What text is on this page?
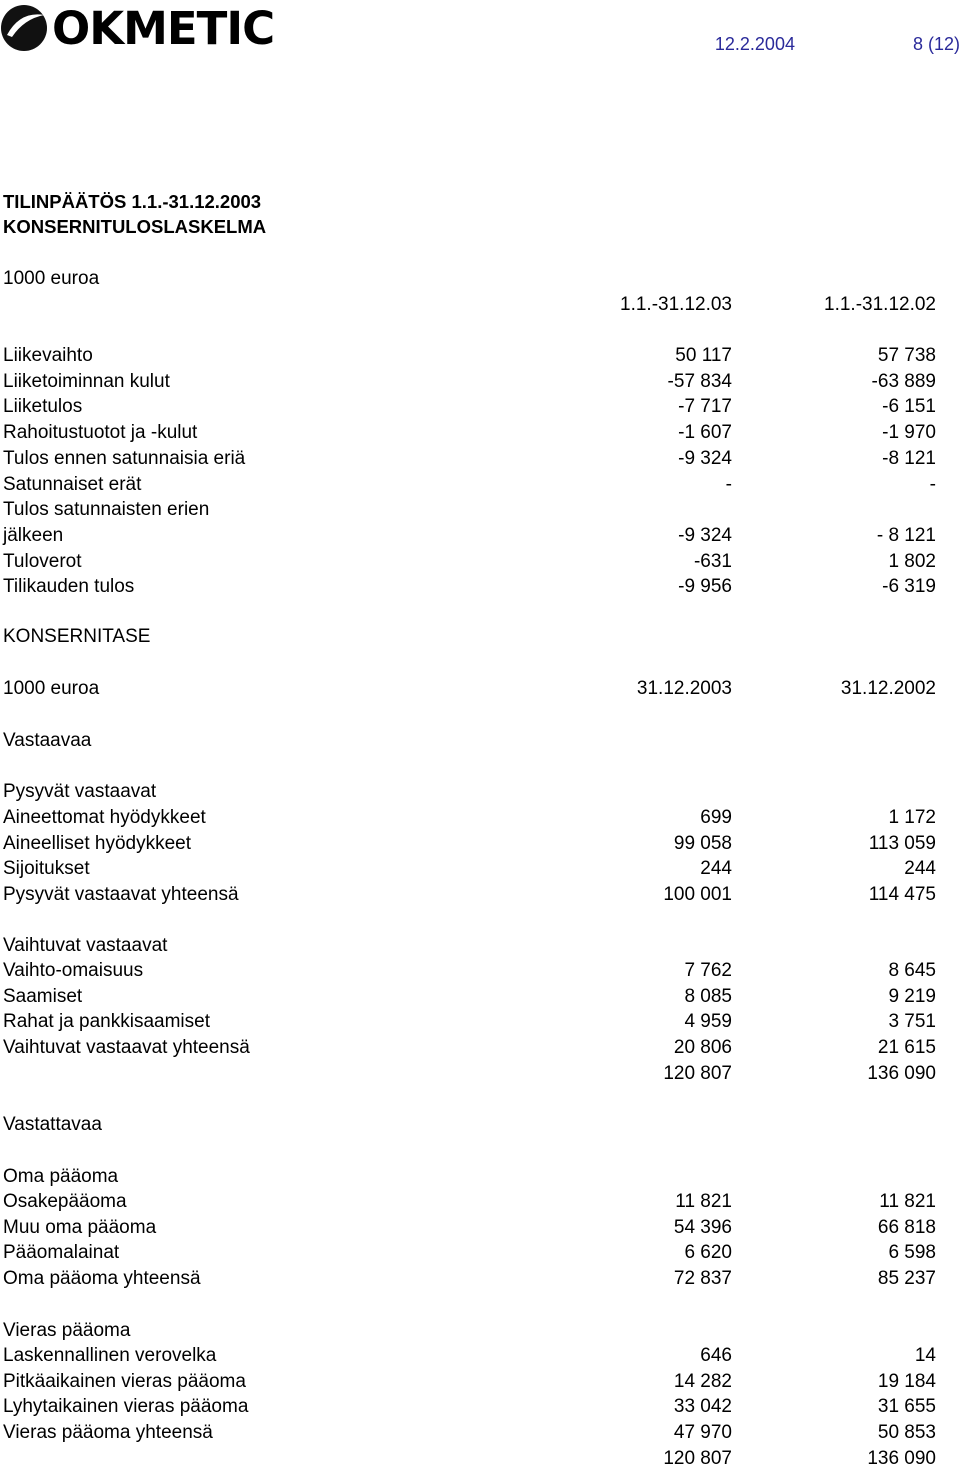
OKMETIC	12.2.2004	8 (12)
TILINPÄÄTÖS 1.1.-31.12.2003
KONSERNITULOSLASKELMA
1000 euroa
1.1.-31.12.03	1.1.-31.12.02
Liikevaihto	50 117	57 738
Liiketoiminnan kulut	-57 834	-63 889
Liiketulos	-7 717	-6 151
Rahoitustuotot ja -kulut	-1 607	-1 970
Tulos ennen satunnaisia eriä	-9 324	-8 121
Satunnaiset erät	-	-
Tulos satunnaisten erien
jälkeen	-9 324	- 8 121
Tuloverot	-631	1 802
Tilikauden tulos	-9 956	-6 319
KONSERNITASE
1000 euroa	31.12.2003	31.12.2002
Vastaavaa
Pysyvät vastaavat
Aineettomat hyödykkeet	699	1 172
Aineelliset hyödykkeet	99 058	113 059
Sijoitukset	244	244
Pysyvät vastaavat yhteensä	100 001	114 475
Vaihtuvat vastaavat
Vaihto-omaisuus	7 762	8 645
Saamiset	8 085	9 219
Rahat ja pankkisaamiset	4 959	3 751
Vaihtuvat vastaavat yhteensä	20 806	21 615
120 807	136 090
Vastattavaa
Oma pääoma
Osakepääoma	11 821	11 821
Muu oma pääoma	54 396	66 818
Pääomalainat	6 620	6 598
Oma pääoma yhteensä	72 837	85 237
Vieras pääoma
Laskennallinen verovelka	646	14
Pitkäaikainen vieras pääoma	14 282	19 184
Lyhytaikainen vieras pääoma	33 042	31 655
Vieras pääoma yhteensä	47 970	50 853
120 807	136 090
